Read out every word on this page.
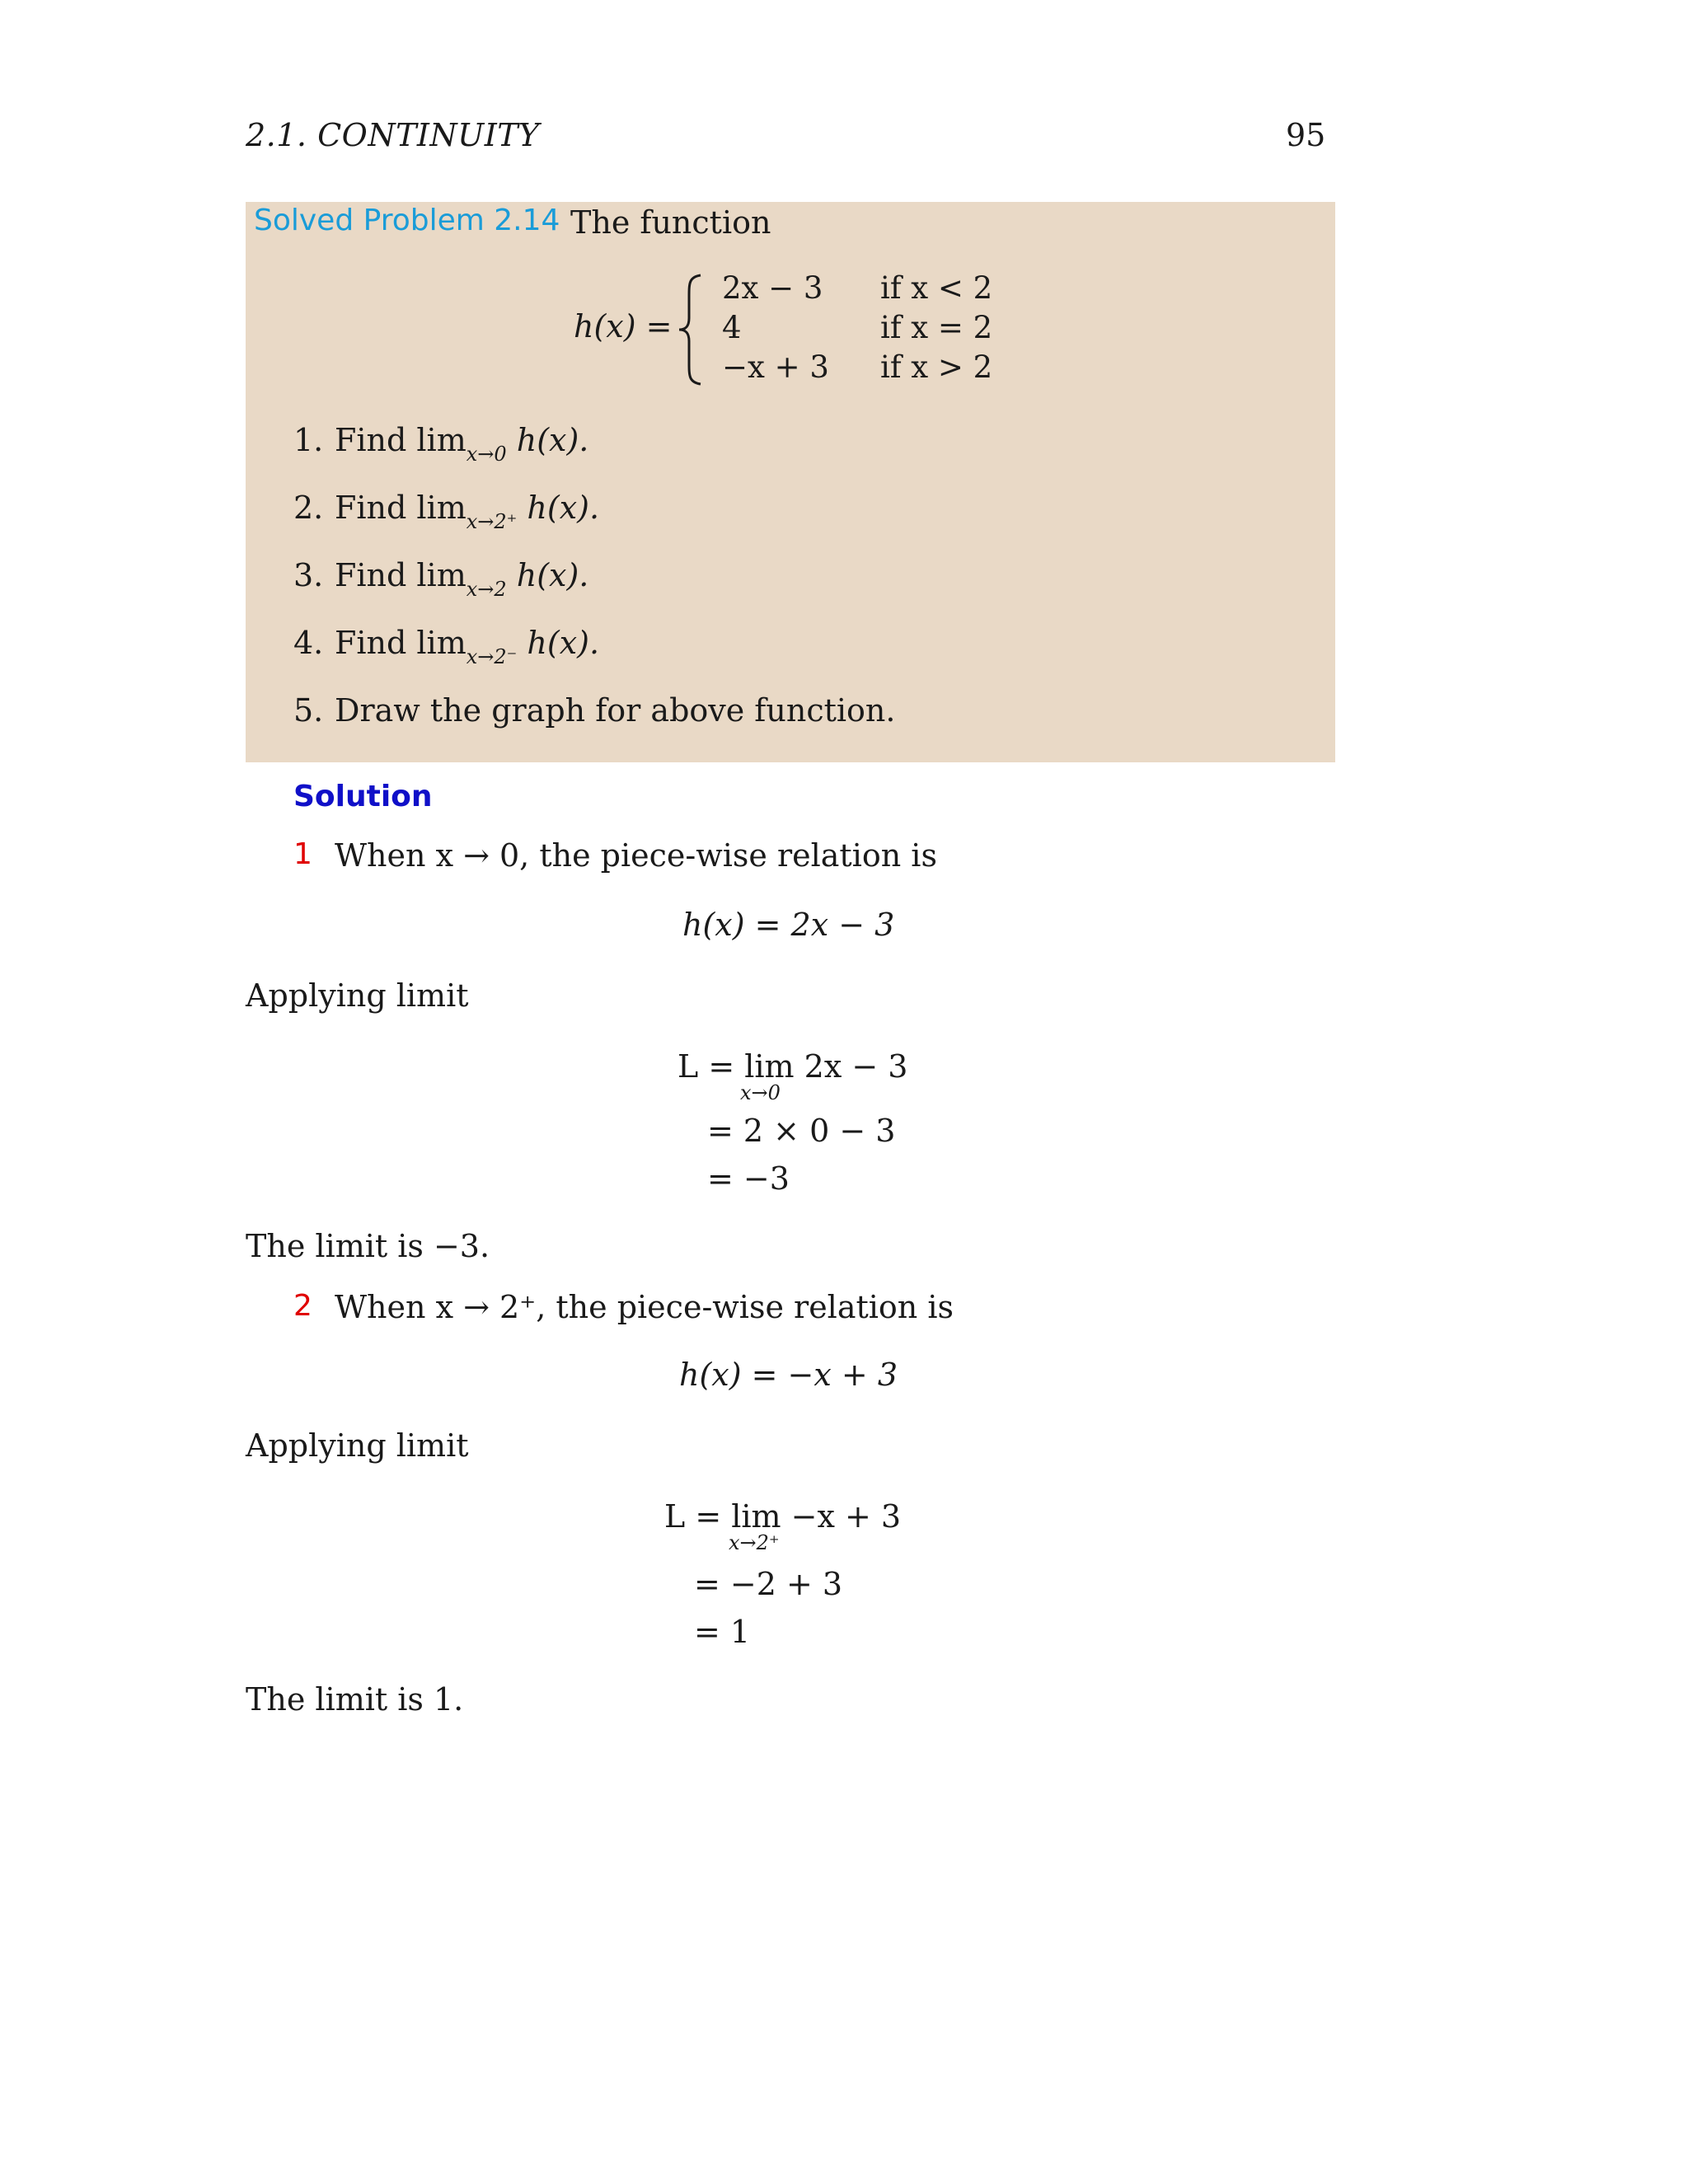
2.1. CONTINUITY	95
Solved Problem 2.14 The function
h(x) =
2x − 3 if x < 2
4	if x = 2
−x + 3 if x > 2
1. Find $\lim_{x\to 0} h(x)$.
2. Find $\lim_{x\to 2^+} h(x)$.
3. Find $\lim_{x\to 2} h(x)$.
4. Find $\lim_{x\to 2^-} h(x)$.
5. Draw the graph for above function.
Solution
1 When x → 0, the piece-wise relation is
h(x) = 2x − 3
Applying limit
L = lim 2x − 3
x→0
= 2 × 0 − 3
= −3
The limit is −3.
2 When x → 2⁺, the piece-wise relation is
h(x) = −x + 3
Applying limit
L = lim −x + 3
x→2⁺
= −2 + 3
= 1
The limit is 1.
